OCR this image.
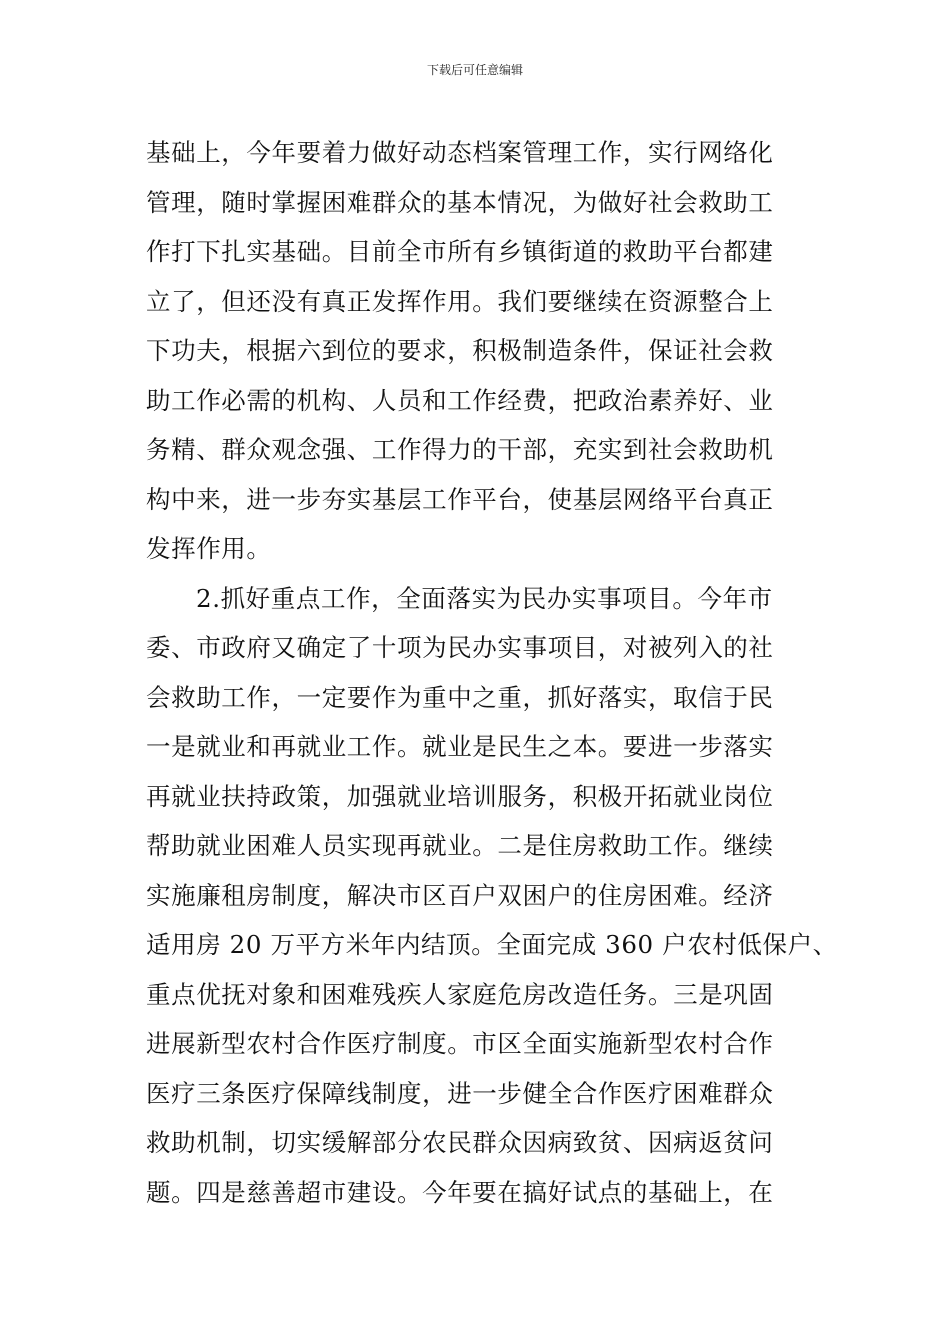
下载后可任意编辑
基础上，今年要着力做好动态档案管理工作，实行网络化
管理，随时掌握困难群众的基本情况，为做好社会救助工
作打下扎实基础。目前全市所有乡镇街道的救助平台都建
立了，但还没有真正发挥作用。我们要继续在资源整合上
下功夫，根据六到位的要求，积极制造条件，保证社会救
助工作必需的机构、人员和工作经费，把政治素养好、业
务精、群众观念强、工作得力的干部，充实到社会救助机
构中来，进一步夯实基层工作平台，使基层网络平台真正
发挥作用。
2.抓好重点工作，全面落实为民办实事项目。今年市
委、市政府又确定了十项为民办实事项目，对被列入的社
会救助工作，一定要作为重中之重，抓好落实，取信于民
一是就业和再就业工作。就业是民生之本。要进一步落实
再就业扶持政策，加强就业培训服务，积极开拓就业岗位
帮助就业困难人员实现再就业。二是住房救助工作。继续
实施廉租房制度，解决市区百户双困户的住房困难。经济
适用房 20 万平方米年内结顶。全面完成 360 户农村低保户、
重点优抚对象和困难残疾人家庭危房改造任务。三是巩固
进展新型农村合作医疗制度。市区全面实施新型农村合作
医疗三条医疗保障线制度，进一步健全合作医疗困难群众
救助机制，切实缓解部分农民群众因病致贫、因病返贫问
题。四是慈善超市建设。今年要在搞好试点的基础上，在
